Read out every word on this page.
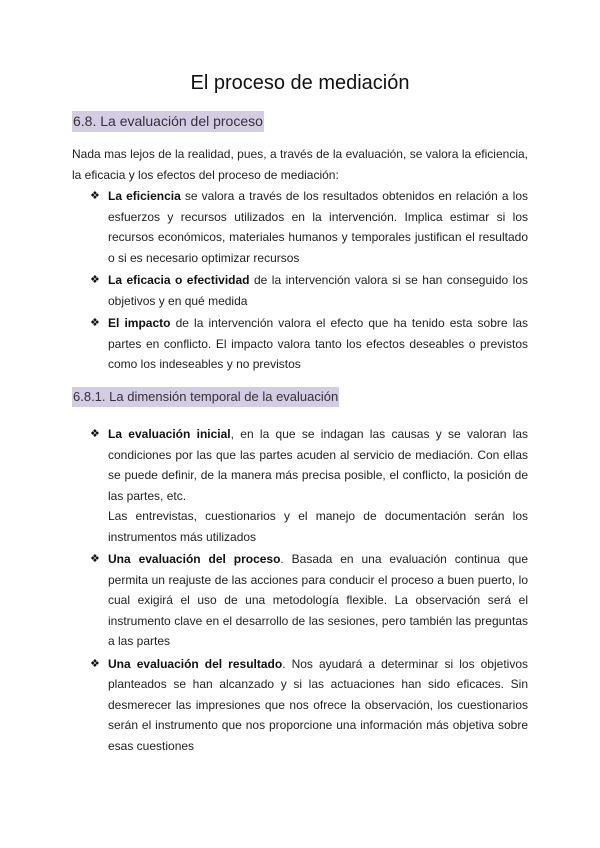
El proceso de mediación
6.8. La evaluación del proceso

Nada mas lejos de la realidad, pues, a través de la evaluación, se valora la eficiencia, la eficacia y los efectos del proceso de mediación:

❖ La eficiencia se valora a través de los resultados obtenidos en relación a los esfuerzos y recursos utilizados en la intervención. Implica estimar si los recursos económicos, materiales humanos y temporales justifican el resultado o si es necesario optimizar recursos
❖ La eficacia o efectividad de la intervención valora si se han conseguido los objetivos y en qué medida
❖ El impacto de la intervención valora el efecto que ha tenido esta sobre las partes en conflicto. El impacto valora tanto los efectos deseables o previstos como los indeseables y no previstos
6.8.1. La dimensión temporal de la evaluación
❖ La evaluación inicial, en la que se indagan las causas y se valoran las condiciones por las que las partes acuden al servicio de mediación. Con ellas se puede definir, de la manera más precisa posible, el conflicto, la posición de las partes, etc.
Las entrevistas, cuestionarios y el manejo de documentación serán los instrumentos más utilizados
❖ Una evaluación del proceso. Basada en una evaluación continua que permita un reajuste de las acciones para conducir el proceso a buen puerto, lo cual exigirá el uso de una metodología flexible. La observación será el instrumento clave en el desarrollo de las sesiones, pero también las preguntas a las partes
❖ Una evaluación del resultado. Nos ayudará a determinar si los objetivos planteados se han alcanzado y si las actuaciones han sido eficaces. Sin desmerecer las impresiones que nos ofrece la observación, los cuestionarios serán el instrumento que nos proporcione una información más objetiva sobre esas cuestiones
